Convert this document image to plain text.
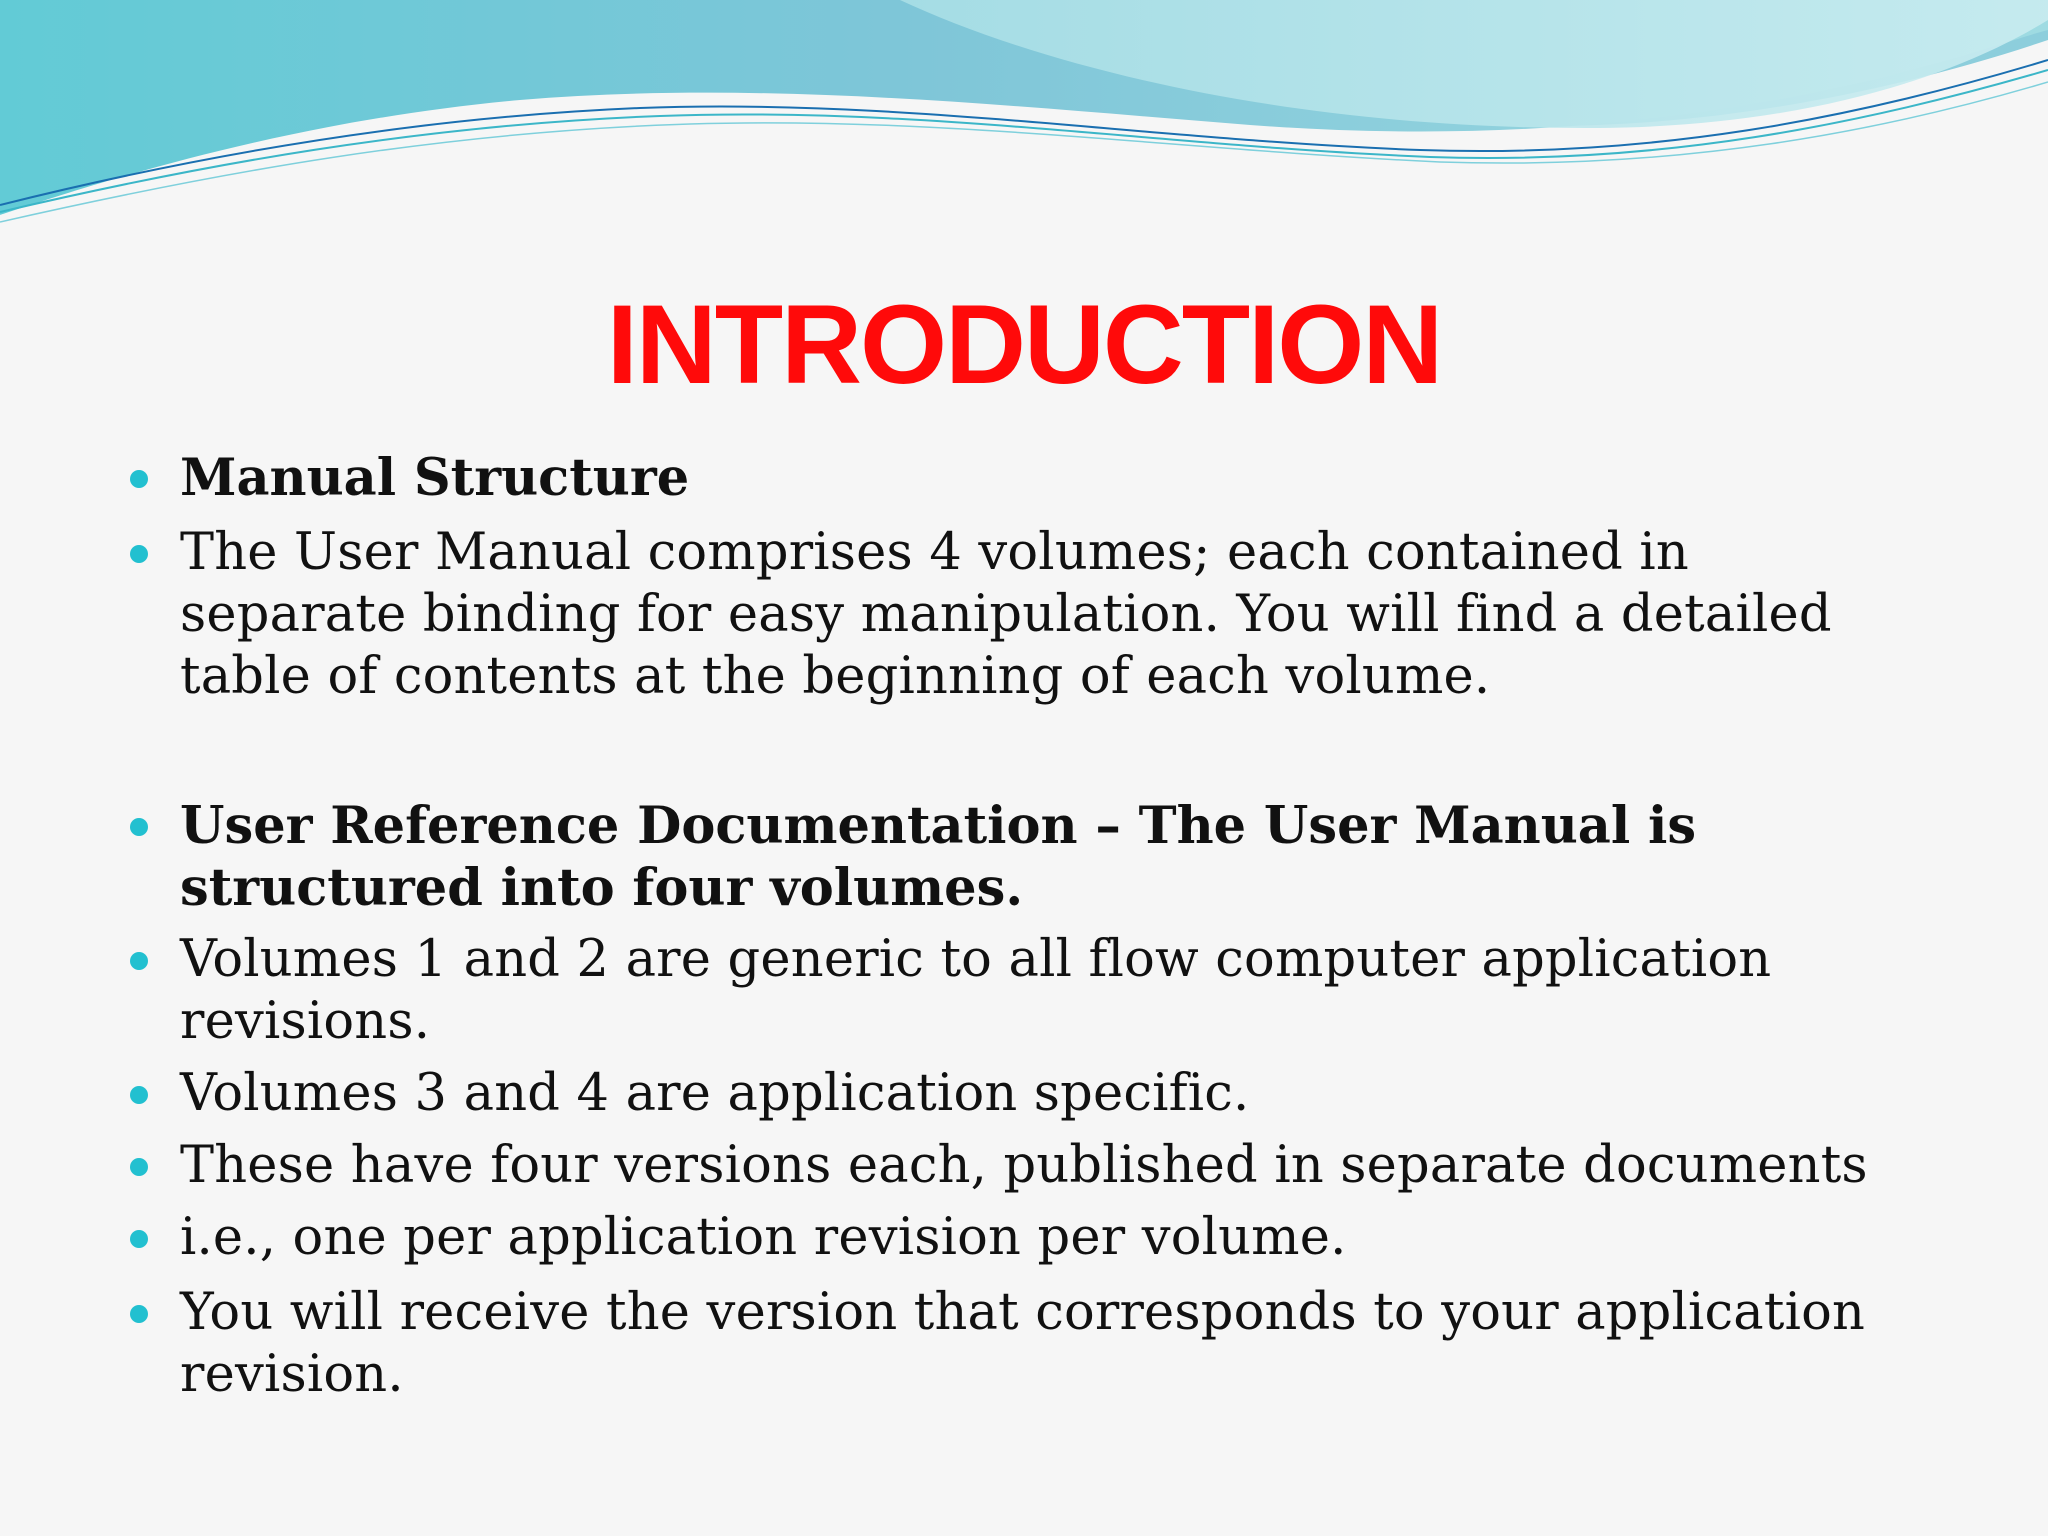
INTRODUCTION
Manual Structure
The User Manual comprises 4 volumes; each contained in separate binding for easy manipulation. You will find a detailed table of contents at the beginning of each volume.
User Reference Documentation – The User Manual is structured into four volumes.
Volumes 1 and 2 are generic to all flow computer application revisions.
Volumes 3 and 4 are application specific.
These have four versions each, published in separate documents
i.e., one per application revision per volume.
You will receive the version that corresponds to your application revision.
